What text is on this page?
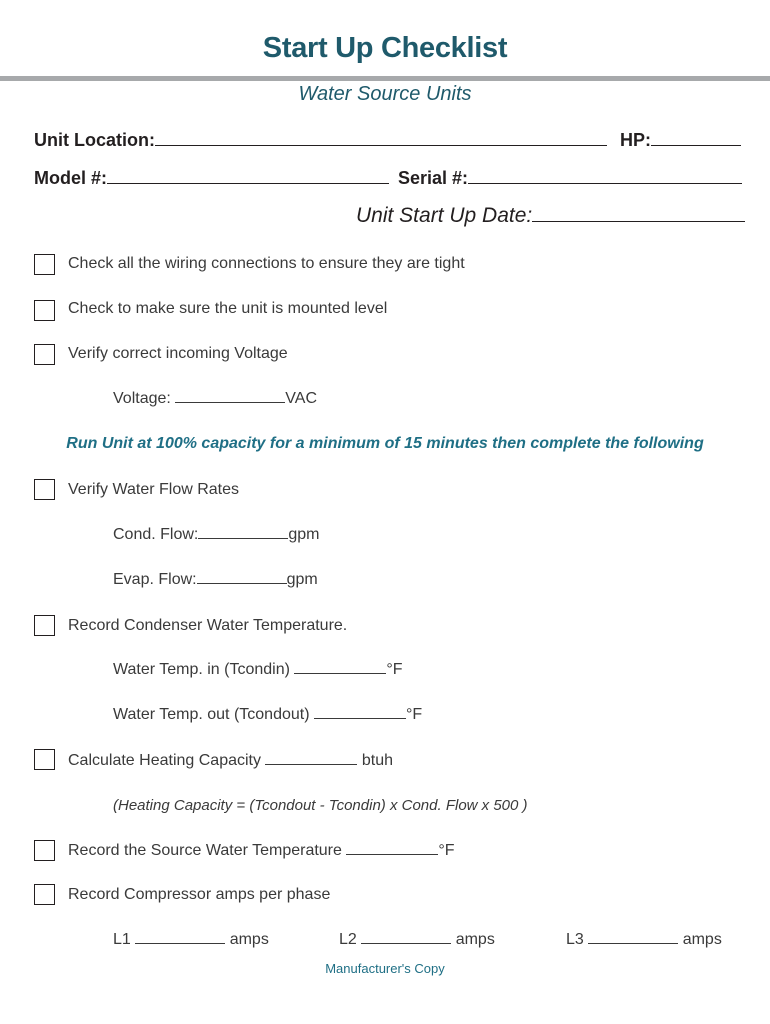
Start Up Checklist
Water Source Units
Unit Location:	HP:
Model #:	Serial #:
Unit Start Up Date:
Check all the wiring connections to ensure they are tight
Check to make sure the unit is mounted level
Verify correct incoming Voltage
Voltage:	VAC
Run Unit at 100% capacity for a minimum of 15 minutes then complete the following
Verify Water Flow Rates
Cond. Flow:	gpm
Evap. Flow:	gpm
Record Condenser Water Temperature.
Water Temp. in (Tcondin)	°F
Water Temp. out (Tcondout)	°F
Calculate Heating Capacity	btuh
(Heating Capacity = (Tcondout - Tcondin) x Cond. Flow x 500 )
Record the Source Water Temperature	°F
Record Compressor amps per phase
L1	amps	L2	amps	L3	amps
Manufacturer's Copy
